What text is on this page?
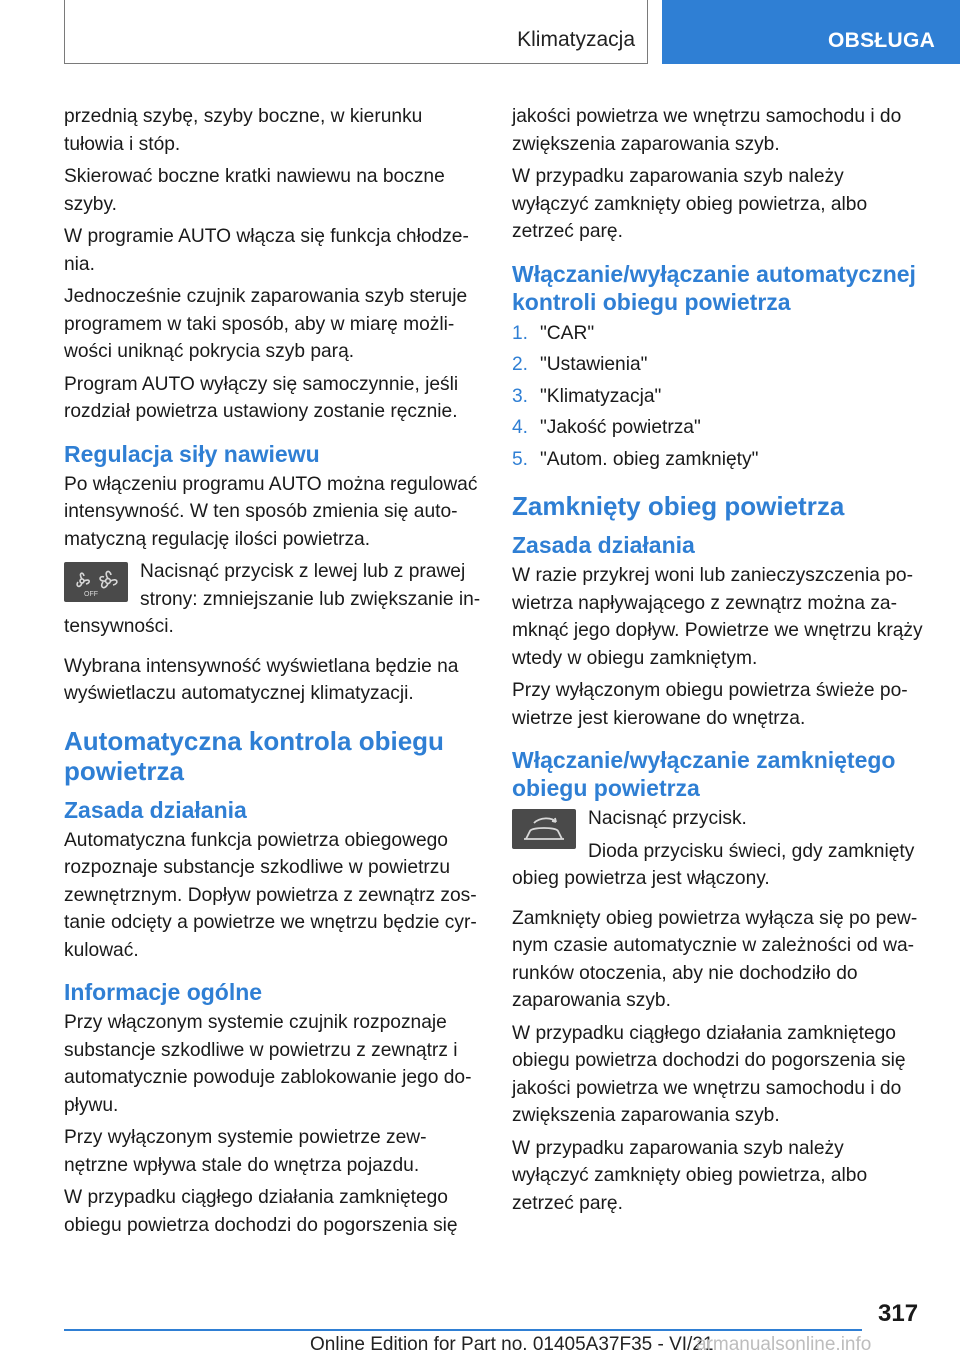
Klimatyzacja	OBSŁUGA

przednią szybę, szyby boczne, w kierunku tułowia i stóp.

Skierować boczne kratki nawiewu na boczne szyby.

W programie AUTO włącza się funkcja chłodzenia.

Jednocześnie czujnik zaparowania szyb steruje programem w taki sposób, aby w miarę możliwości uniknąć pokrycia szyb parą.

Program AUTO wyłączy się samoczynnie, jeśli rozdział powietrza ustawiony zostanie ręcznie.

Regulacja siły nawiewu

Po włączeniu programu AUTO można regulować intensywność. W ten sposób zmienia się automatyczną regulację ilości powietrza.

OFF

Nacisnąć przycisk z lewej lub z prawej strony: zmniejszanie lub zwiększanie intensywności.

Wybrana intensywność wyświetlana będzie na wyświetlaczu automatycznej klimatyzacji.

Automatyczna kontrola obiegu powietrza
Zasada działania

Automatyczna funkcja powietrza obiegowego rozpoznaje substancje szkodliwe w powietrzu zewnętrznym. Dopływ powietrza z zewnątrz zostanie odcięty a powietrze we wnętrzu będzie cyrkulować.

Informacje ogólne

Przy włączonym systemie czujnik rozpoznaje substancje szkodliwe w powietrzu z zewnątrz i automatycznie powoduje zablokowanie jego dopływu.

Przy wyłączonym systemie powietrze zewnętrzne wpływa stale do wnętrza pojazdu.

W przypadku ciągłego działania zamkniętego obiegu powietrza dochodzi do pogorszenia się

jakości powietrza we wnętrzu samochodu i do zwiększenia zaparowania szyb.

W przypadku zaparowania szyb należy wyłączyć zamknięty obieg powietrza, albo zetrzeć parę.

Włączanie/wyłączanie automatycznej kontroli obiegu powietrza
1. "CAR"
2. "Ustawienia"
3. "Klimatyzacja"
4. "Jakość powietrza"
5. "Autom. obieg zamknięty"
Zamknięty obieg powietrza
Zasada działania

W razie przykrej woni lub zanieczyszczenia powietrza napływającego z zewnątrz można zamknąć jego dopływ. Powietrze we wnętrzu krąży wtedy w obiegu zamkniętym.

Przy wyłączonym obiegu powietrza świeże powietrze jest kierowane do wnętrza.

Włączanie/wyłączanie zamkniętego obiegu powietrza

Nacisnąć przycisk.

Dioda przycisku świeci, gdy zamknięty obieg powietrza jest włączony.

Zamknięty obieg powietrza wyłącza się po pewnym czasie automatycznie w zależności od warunków otoczenia, aby nie dochodziło do zaparowania szyb.

W przypadku ciągłego działania zamkniętego obiegu powietrza dochodzi do pogorszenia się jakości powietrza we wnętrzu samochodu i do zwiększenia zaparowania szyb.

W przypadku zaparowania szyb należy wyłączyć zamknięty obieg powietrza, albo zetrzeć parę.

317
Online Edition for Part no. 01405A37F35 - VI/21
armanualsonline.info
